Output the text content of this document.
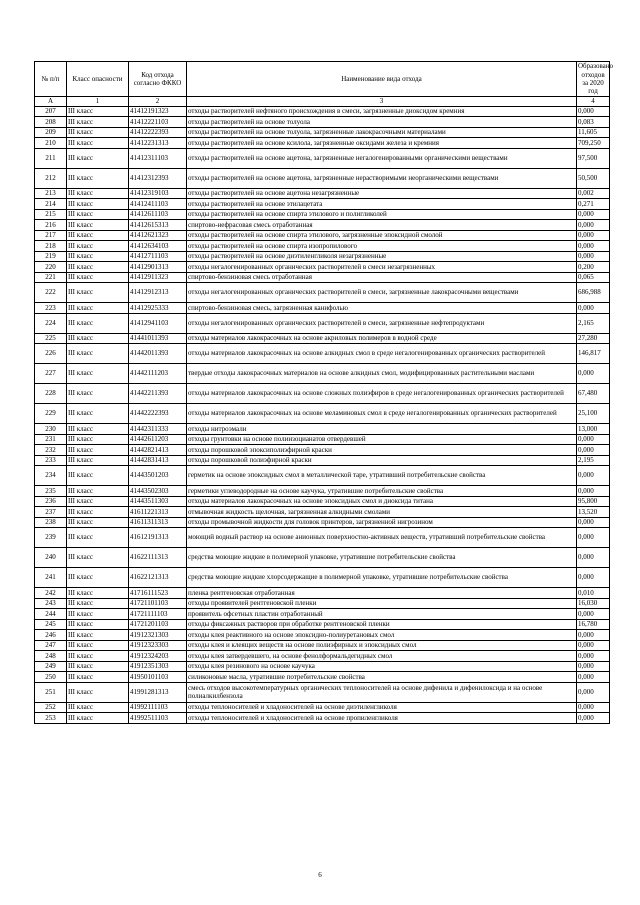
№ п/п	Класс опасности	Код отхода согласно ФККО	Наименование вида отхода	Образовано отходов за 2020 год
А	1	2	3	4
207	III класс	41412191323	отходы растворителей нефтяного происхождения в смеси, загрязненные диоксидом кремния	0,000
208	III класс	41412221103	отходы растворителей на основе толуола	0,083
209	III класс	41412222393	отходы растворителей на основе толуола, загрязненные лакокрасочными материалами	11,605
210	III класс	41412231313	отходы растворителей на основе ксилола, загрязненные оксидами железа и кремния	709,250
211	III класс	41412311103	отходы растворителей на основе ацетона, загрязненные негалогенированными органическими веществами	97,500
212	III класс	41412312393	отходы растворителей на основе ацетона, загрязненные нерастворимыми неорганическими веществами	50,500
213	III класс	41412319103	отходы растворителей на основе ацетона незагрязненные	0,002
214	III класс	41412411103	отходы растворителей на основе этилацетата	0,271
215	III класс	41412611103	отходы растворителей на основе спирта этилового и полигликолей	0,000
216	III класс	41412615313	спиртово-нефрасовая смесь отработанная	0,000
217	III класс	41412621323	отходы растворителей на основе спирта этилового, загрязненные эпоксидной смолой	0,000
218	III класс	41412634103	отходы растворителей на основе спирта изопропилового	0,000
219	III класс	41412711103	отходы растворителей на основе диэтиленгликоля незагрязненные	0,000
220	III класс	41412901313	отходы негалогенированных органических растворителей в смеси незагрязненных	0,200
221	III класс	41412911323	спиртово-бензиновая смесь отработанная	0,065
222	III класс	41412912313	отходы негалогенированных органических растворителей в смеси, загрязненные лакокрасочными веществами	686,988
223	III класс	41412925333	спиртово-бензиновая смесь, загрязненная канифолью	0,000
224	III класс	41412941103	отходы негалогенированных органических растворителей в смеси, загрязненные нефтепродуктами	2,165
225	III класс	41441011393	отходы материалов лакокрасочных на основе акриловых полимеров в водной среде	27,280
226	III класс	41442011393	отходы материалов лакокрасочных на основе алкидных смол в среде негалогенированных органических растворителей	146,817
227	III класс	41442111203	твердые отходы лакокрасочных материалов на основе алкидных смол, модифицированных растительными маслами	0,000
228	III класс	41442211393	отходы материалов лакокрасочных на основе сложных полиэфиров в среде негалогенированных органических растворителей	67,480
229	III класс	41442222393	отходы материалов лакокрасочных на основе меламиновых смол в среде негалогенированных органических растворителей	25,100
230	III класс	41442311333	отходы нитроэмали	13,000
231	III класс	41442611203	отходы грунтовки на основе полиизоцианатов отвердевшей	0,000
232	III класс	41442821413	отходы порошковой эпоксиполиэфирной краски	0,000
233	III класс	41442831413	отходы порошковой полиэфирной краски	2,195
234	III класс	41443501203	герметик на основе эпоксидных смол в металлической таре, утративший потребительские свойства	0,000
235	III класс	41443502303	герметики углеводородные на основе каучука, утратившие потребительские свойства	0,000
236	III класс	41443511303	отходы материалов лакокрасочных на основе эпоксидных смол и диоксида титана	95,800
237	III класс	41611221313	отмывочная жидкость щелочная, загрязненная алкидными смолами	13,520
238	III класс	41611311313	отходы промывочной жидкости для головок принтеров, загрязненной нигрозином	0,000
239	III класс	41612191313	моющий водный раствор на основе анионных поверхностно-активных веществ, утративший потребительские свойства	0,000
240	III класс	41622111313	средства моющие жидкие в полимерной упаковке, утратившие потребительские свойства	0,000
241	III класс	41622121313	средства моющие жидкие хлорсодержащие в полимерной упаковке, утратившие потребительские свойства	0,000
242	III класс	41716111523	пленка рентгеновская отработанная	0,010
243	III класс	41721101103	отходы проявителей рентгеновской пленки	16,030
244	III класс	41721111103	проявитель офсетных пластин отработанный	0,000
245	III класс	41721201103	отходы фиксажных растворов при обработке рентгеновской пленки	16,780
246	III класс	41912321303	отходы клея реактивного на основе эпоксидно-полиуретановых смол	0,000
247	III класс	41912323303	отходы клея и клеящих веществ на основе полиэфирных и эпоксидных смол	0,000
248	III класс	41912324203	отходы клея затвердевшего, на основе фенолформальдегидных смол	0,000
249	III класс	41912351303	отходы клея резинового на основе каучука	0,000
250	III класс	41950101103	силиконовые масла, утратившие потребительские свойства	0,000
251	III класс	41991281313	смесь отходов высокотемпературных органических теплоносителей на основе дифенила и дифенилоксида и на основе полиалкилбензола	0,000
252	III класс	41992111103	отходы теплоносителей и хладоносителей на основе диэтиленгликоля	0,000
253	III класс	41992511103	отходы теплоносителей и хладоносителей на основе пропиленгликоля	0,000
6
